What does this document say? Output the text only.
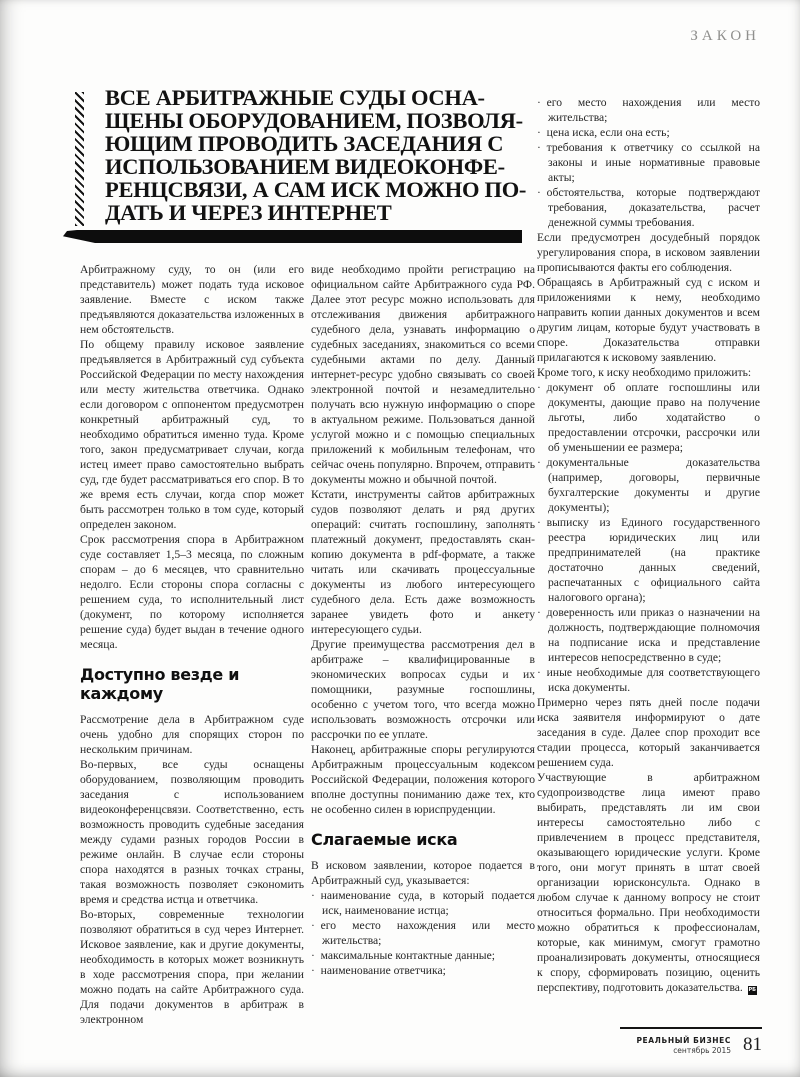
ЗАКОН
ВСЕ АРБИТРАЖНЫЕ СУДЫ ОСНА-
ЩЕНЫ ОБОРУДОВАНИЕМ, ПОЗВОЛЯ-
ЮЩИМ ПРОВОДИТЬ ЗАСЕДАНИЯ С
ИСПОЛЬЗОВАНИЕМ ВИДЕОКОНФЕ-
РЕНЦСВЯЗИ, А САМ ИСК МОЖНО ПО-
ДАТЬ И ЧЕРЕЗ ИНТЕРНЕТ

Арбитражному суду, то он (или его представитель) может подать туда исковое заявление. Вместе с иском также предъявляются доказательства изложенных в нем обстоятельств.

По общему правилу исковое заявление предъявляется в Арбитражный суд субъекта Российской Федерации по месту нахождения или месту жительства ответчика. Однако если договором с оппонентом предусмотрен конкретный арбитражный суд, то необходимо обратиться именно туда. Кроме того, закон предусматривает случаи, когда истец имеет право самостоятельно выбрать суд, где будет рассматриваться его спор. В то же время есть случаи, когда спор может быть рассмотрен только в том суде, который определен законом.

Срок рассмотрения спора в Арбитражном суде составляет 1,5–3 месяца, по сложным спорам – до 6 месяцев, что сравнительно недолго. Если стороны спора согласны с решением суда, то исполнительный лист (документ, по которому исполняется решение суда) будет выдан в течение одного месяца.

Доступно везде и каждому

Рассмотрение дела в Арбитражном суде очень удобно для спорящих сторон по нескольким причинам.

Во-первых, все суды оснащены оборудованием, позволяющим проводить заседания с использованием видеоконференцсвязи. Соответственно, есть возможность проводить судебные заседания между судами разных городов России в режиме онлайн. В случае если стороны спора находятся в разных точках страны, такая возможность позволяет сэкономить время и средства истца и ответчика.

Во-вторых, современные технологии позволяют обратиться в суд через Интернет. Исковое заявление, как и другие документы, необходимость в которых может возникнуть в ходе рассмотрения спора, при желании можно подать на сайте Арбитражного суда. Для подачи документов в арбитраж в электронном

виде необходимо пройти регистрацию на официальном сайте Арбитражного суда РФ. Далее этот ресурс можно использовать для отслеживания движения арбитражного судебного дела, узнавать информацию о судебных заседаниях, знакомиться со всеми судебными актами по делу. Данный интернет-ресурс удобно связывать со своей электронной почтой и незамедлительно получать всю нужную информацию о споре в актуальном режиме. Пользоваться данной услугой можно и с помощью специальных приложений к мобильным телефонам, что сейчас очень популярно. Впрочем, отправить документы можно и обычной почтой.

Кстати, инструменты сайтов арбитражных судов позволяют делать и ряд других операций: считать госпошлину, заполнять платежный документ, предоставлять скан-копию документа в pdf-формате, а также читать или скачивать процессуальные документы из любого интересующего судебного дела. Есть даже возможность заранее увидеть фото и анкету интересующего судьи.

Другие преимущества рассмотрения дел в арбитраже – квалифицированные в экономических вопросах судьи и их помощники, разумные госпошлины, особенно с учетом того, что всегда можно использовать возможность отсрочки или рассрочки по ее уплате.

Наконец, арбитражные споры регулируются Арбитражным процессуальным кодексом Российской Федерации, положения которого вполне доступны пониманию даже тех, кто не особенно силен в юриспруденции.

Слагаемые иска

В исковом заявлении, которое подается в Арбитражный суд, указывается:

· наименование суда, в который подается иск, наименование истца;

· его место нахождения или место жительства;

· максимальные контактные данные;

· наименование ответчика;

· его место нахождения или место жительства;

· цена иска, если она есть;

· требования к ответчику со ссылкой на законы и иные нормативные правовые акты;

· обстоятельства, которые подтверждают требования, доказательства, расчет денежной суммы требования.

Если предусмотрен досудебный порядок урегулирования спора, в исковом заявлении прописываются факты его соблюдения.

Обращаясь в Арбитражный суд с иском и приложениями к нему, необходимо направить копии данных документов и всем другим лицам, которые будут участвовать в споре. Доказательства отправки прилагаются к исковому заявлению.

Кроме того, к иску необходимо приложить:

· документ об оплате госпошлины или документы, дающие право на получение льготы, либо ходатайство о предоставлении отсрочки, рассрочки или об уменьшении ее размера;

· документальные доказательства (например, договоры, первичные бухгалтерские документы и другие документы);

· выписку из Единого государственного реестра юридических лиц или предпринимателей (на практике достаточно данных сведений, распечатанных с официального сайта налогового органа);

· доверенность или приказ о назначении на должность, подтверждающие полномочия на подписание иска и представление интересов непосредственно в суде;

· иные необходимые для соответствующего иска документы.

Примерно через пять дней после подачи иска заявителя информируют о дате заседания в суде. Далее спор проходит все стадии процесса, который заканчивается решением суда.

Участвующие в арбитражном судопроизводстве лица имеют право выбирать, представлять ли им свои интересы самостоятельно либо с привлечением в процесс представителя, оказывающего юридические услуги. Кроме того, они могут принять в штат своей организации юрисконсульта. Однако в любом случае к данному вопросу не стоит относиться формально. При необходимости можно обратиться к профессионалам, которые, как минимум, смогут грамотно проанализировать документы, относящиеся к спору, сформировать позицию, оценить перспективу, подготовить доказательства. РБ

РЕАЛЬНЫЙ БИЗНЕС
сентябрь 2015 81
